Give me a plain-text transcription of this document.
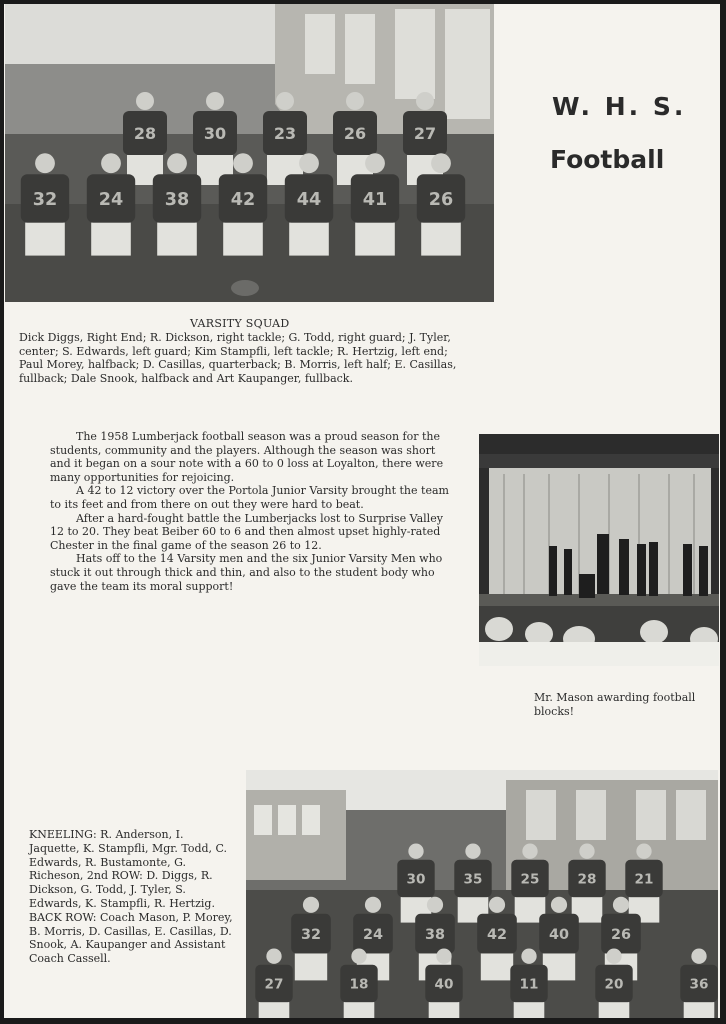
28	30	23	26	27
32 24 38 42 44 41 26
W. H. S.
Football
VARSITY SQUAD
Dick Diggs, Right End; R. Dickson, right tackle; G. Todd, right guard; J. Tyler, center; S. Edwards, left guard; Kim Stampfli, left tackle; R. Hertzig, left end; Paul Morey, halfback; D. Casillas, quarterback; B. Morris, left half; E. Casillas, fullback; Dale Snook, halfback and Art Kaupanger, fullback.

The 1958 Lumberjack football season was a proud season for the students, community and the players. Although the season was short and it began on a sour note with a 60 to 0 loss at Loyalton, there were many opportunities for rejoicing.

A 42 to 12 victory over the Portola Junior Varsity brought the team to its feet and from there on out they were hard to beat.

After a hard-fought battle the Lumberjacks lost to Surprise Valley 12 to 20. They beat Beiber 60 to 6 and then almost upset highly-rated Chester in the final game of the season 26 to 12.

Hats off to the 14 Varsity men and the six Junior Varsity Men who stuck it out through thick and thin, and also to the student body who gave the team its moral support!

Mr. Mason awarding football blocks!
KNEELING: R. Anderson, I. Jaquette, K. Stampfli, Mgr. Todd, C. Edwards, R. Bustamonte, G. Richeson, 2nd ROW: D. Diggs, R. Dickson, G. Todd, J. Tyler, S. Edwards, K. Stampfli, R. Hertzig. BACK ROW: Coach Mason, P. Morey, B. Morris, D. Casillas, E. Casillas, D. Snook, A. Kaupanger and Assistant Coach Cassell.
30	35	25	28	21
32	24	38	42	40	26
27	18	40	11	20	36
